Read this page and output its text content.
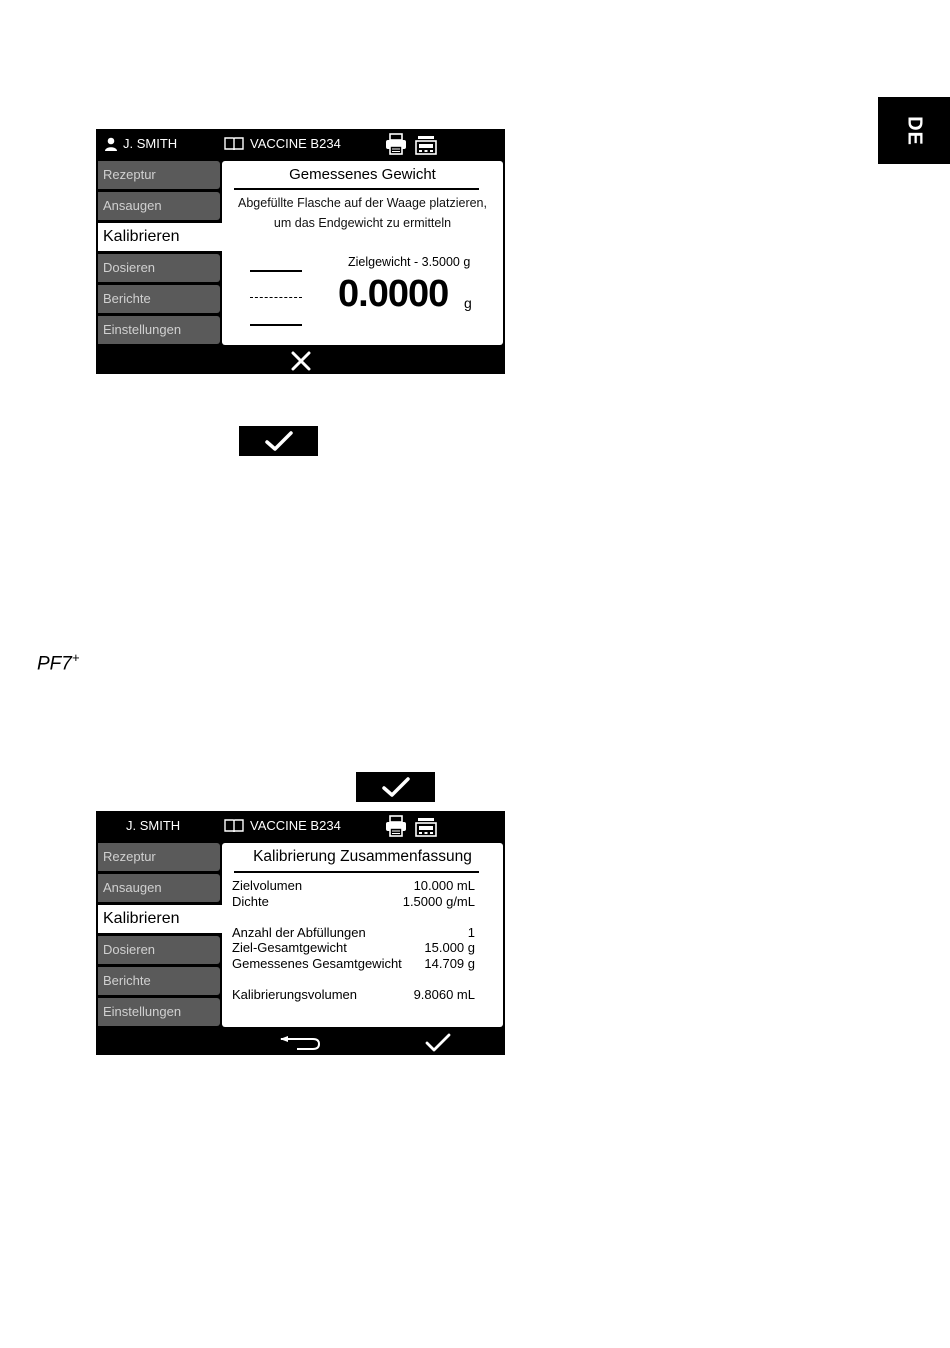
DE
J. SMITH	VACCINE B234
Rezeptur
Ansaugen
Kalibrieren
Dosieren
Berichte
Einstellungen
Gemessenes Gewicht
Abgefüllte Flasche auf der Waage platzieren,
um das Endgewicht zu ermitteln
Zielgewicht - 3.5000 g
0.0000 g
PF7+
J. SMITH	VACCINE B234
Rezeptur
Ansaugen
Kalibrieren
Dosieren
Berichte
Einstellungen
Kalibrierung Zusammenfassung
Zielvolumen	10.000 mL
Dichte	1.5000 g/mL
Anzahl der Abfüllungen	1
Ziel-Gesamtgewicht	15.000 g
Gemessenes Gesamtgewicht 14.709 g
Kalibrierungsvolumen	9.8060 mL
